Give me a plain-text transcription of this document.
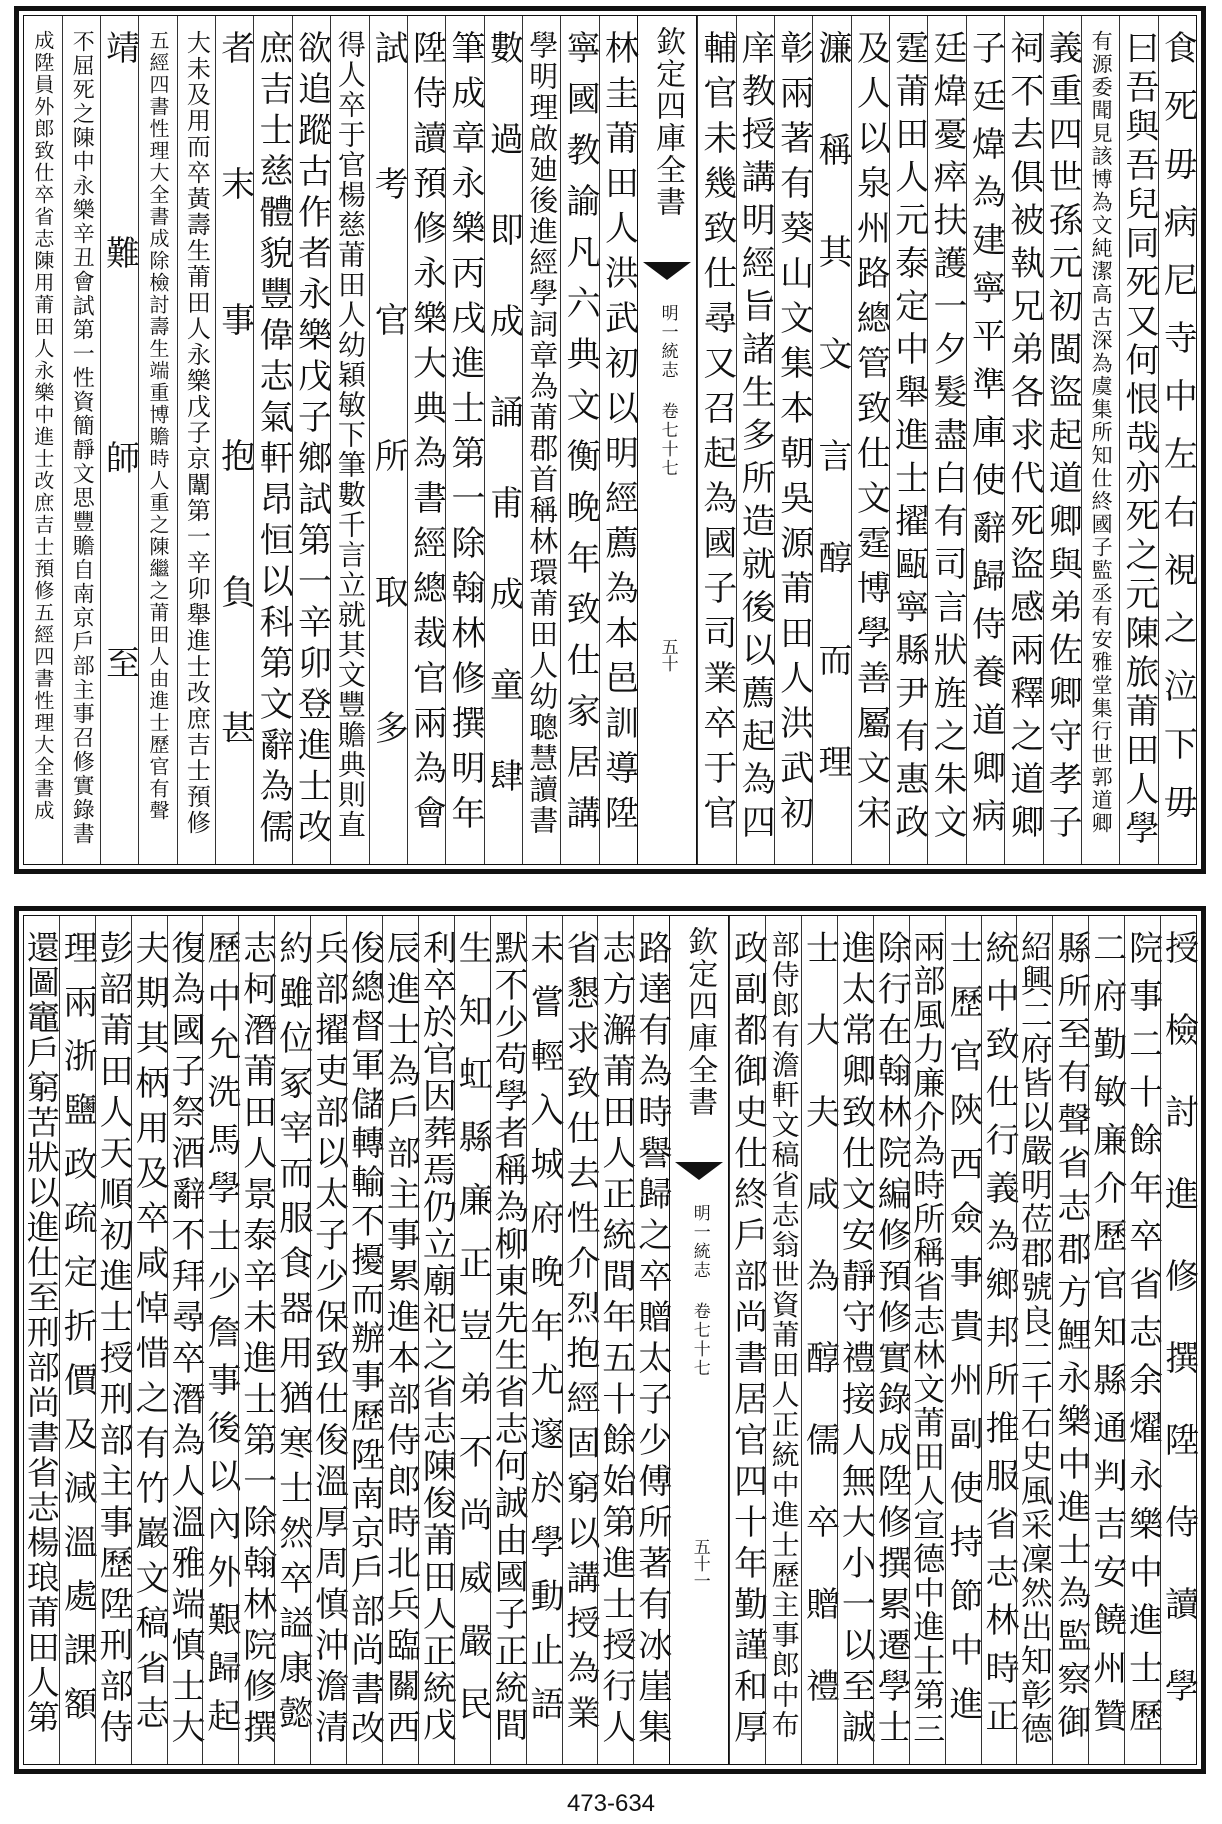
食死毋病尼寺中左右視之泣下毋
曰吾與吾兒同死又何恨哉亦死之元陳旅莆田人學
有源委聞見該博為文純潔高古深為虞集所知仕終國子監丞有安雅堂集行世郭道卿
義重四世孫元初閩盜起道卿與弟佐卿守孝子
祠不去俱被執兄弟各求代死盜感兩釋之道卿
子廷煒為建寧平準庫使辭歸侍養道卿病
廷煒憂瘁扶護一夕髮盡白有司言狀旌之朱文
霆莆田人元泰定中舉進士擢甌寧縣尹有惠政
及人以泉州路總管致仕文霆博學善屬文宋
濂稱其文言醇而理
彰兩著有葵山文集本朝吳源莆田人洪武初
庠教授講明經旨諸生多所造就後以薦起為四
輔官未幾致仕尋又召起為國子司業卒于官
欽定四庫全書
明一統志 卷七十七
五十
林圭莆田人洪武初以明經薦為本邑訓導陞
寧國教諭凡六典文衡晚年致仕家居講
學明理啟廸後進經學詞章為莆郡首稱林環莆田人幼聰慧讀書
數過即成誦甫成童肆
筆成章永樂丙戌進士第一除翰林修撰明年
陞侍讀預修永樂大典為書經總裁官兩為會
試考官所取多
得人卒于官楊慈莆田人幼穎敏下筆數千言立就其文豐贍典則直
欲追蹤古作者永樂戊子鄉試第一辛卯登進士改
庶吉士慈體貌豐偉志氣軒昂恒以科第文辭為儒
者末事抱負甚
大未及用而卒黃壽生莆田人永樂戊子京闈第一辛卯舉進士改庶吉士預修
五經四書性理大全書成除檢討壽生端重博贍時人重之陳繼之莆田人由進士歷官有聲
靖難師至
不屈死之陳中永樂辛丑會試第一性資簡靜文思豐贍自南京戶部主事召修實錄書
成陞員外郎致仕卒省志陳用莆田人永樂中進士改庶吉士預修五經四書性理大全書成
授檢討進修撰陞侍讀學
院事二十餘年卒省志余燿永樂中進士歷
二府勤敏廉介歷官知縣通判吉安饒州贊
縣所至有聲省志郡方鯉永樂中進士為監察御
紹興二府皆以嚴明莅郡號良二千石史風采凜然出知彰德
統中致仕行義為鄉邦所推服省志林時正
士歷官陝西僉事貴州副使持節中進
兩部風力廉介為時所稱省志林文莆田人宣德中進士第三
除行在翰林院編修預修實錄成陞修撰累遷學士
進太常卿致仕文安靜守禮接人無大小一以至誠
士大夫咸為醇儒卒贈禮
部侍郎有澹軒文稿省志翁世資莆田人正統中進士歷主事郎中布
政副都御史仕終戶部尚書居官四十年勤謹和厚
欽定四庫全書
明一統志 卷七十七
五十一
路達有為時譽歸之卒贈太子少傅所著有冰崖集
志方澥莆田人正統間年五十餘始第進士授行人
省懇求致仕去性介烈抱經固窮以講授為業
未嘗輕入城府晚年尤邃於學動止語
默不少苟學者稱為柳東先生省志何誠由國子正統間
生知虹縣廉正豈弟不尚威嚴民
利卒於官因葬焉仍立廟祀之省志陳俊莆田人正統戊
辰進士為戶部主事累進本部侍郎時北兵臨關西
俊總督軍儲轉輸不擾而辦事歷陞南京戶部尚書改
兵部擢吏部以太子少保致仕俊溫厚周慎沖澹清
約雖位冢宰而服食器用猶寒士然卒謚康懿
志柯潛莆田人景泰辛未進士第一除翰林院修撰
歷中允洗馬學士少詹事後以內外艱歸起
復為國子祭酒辭不拜尋卒潛為人溫雅端慎士大
夫期其柄用及卒咸悼惜之有竹巖文稿省志
彭韶莆田人天順初進士授刑部主事歷陞刑部侍
理兩浙鹽政疏定折價及減溫處課額
還圖竈戶窮苦狀以進仕至刑部尚書省志楊琅莆田人第
473-634
